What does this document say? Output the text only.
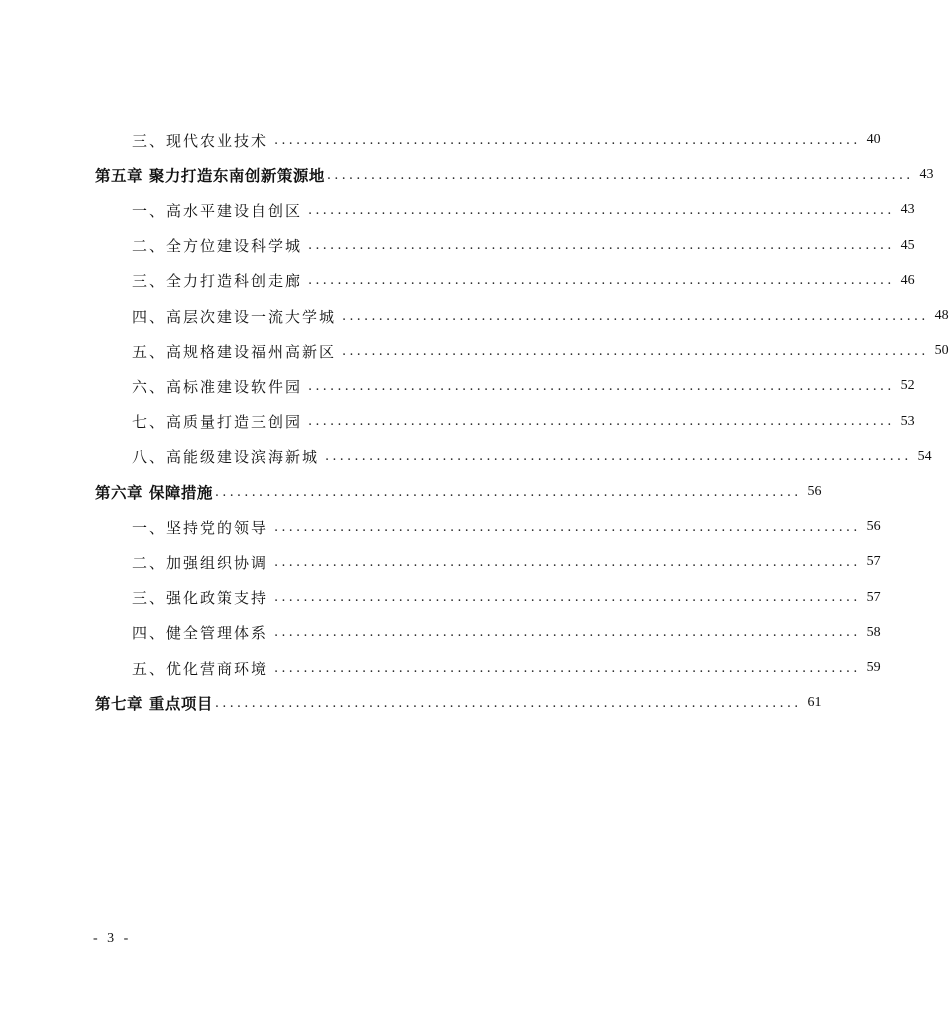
三、现代农业技术 ................................................................................ 40
第五章 聚力打造东南创新策源地 ................................................................................ 43
一、高水平建设自创区 ................................................................................ 43
二、全方位建设科学城 ................................................................................ 45
三、全力打造科创走廊 ................................................................................ 46
四、高层次建设一流大学城 ................................................................................ 48
五、高规格建设福州高新区 ................................................................................ 50
六、高标准建设软件园 ................................................................................ 52
七、高质量打造三创园 ................................................................................ 53
八、高能级建设滨海新城 ................................................................................ 54
第六章 保障措施 ................................................................................ 56
一、坚持党的领导 ................................................................................ 56
二、加强组织协调 ................................................................................ 57
三、强化政策支持 ................................................................................ 57
四、健全管理体系 ................................................................................ 58
五、优化营商环境 ................................................................................ 59
第七章 重点项目 ................................................................................ 61
- 3 -
